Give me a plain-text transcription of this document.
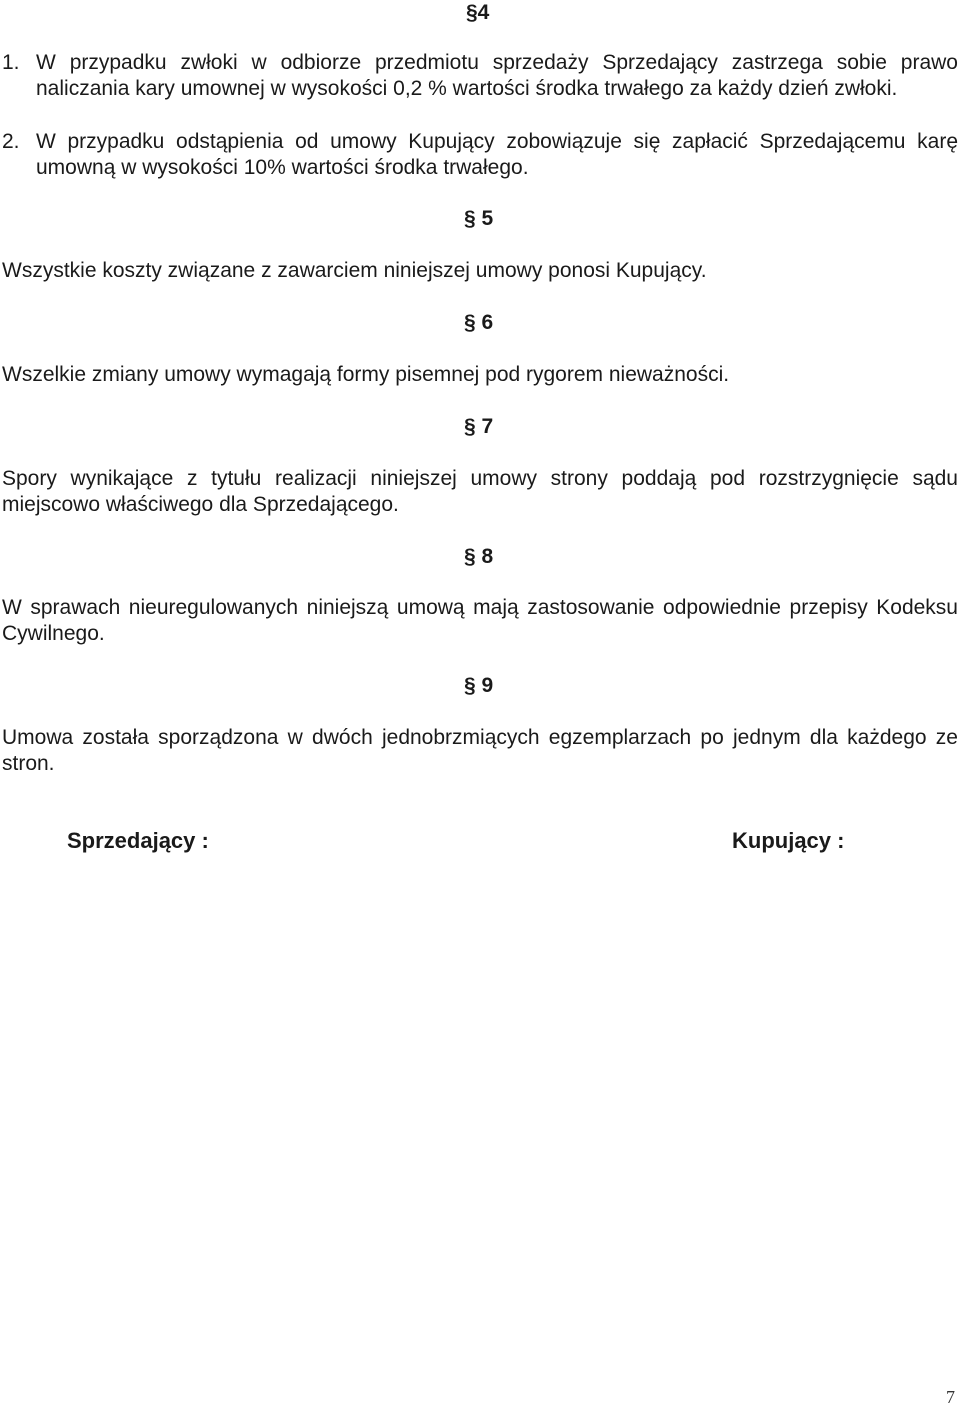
§4
1. W przypadku zwłoki w odbiorze przedmiotu sprzedaży Sprzedający zastrzega sobie prawo naliczania kary umownej w wysokości 0,2 % wartości środka trwałego za każdy dzień zwłoki.
2. W przypadku odstąpienia od umowy Kupujący zobowiązuje się zapłacić Sprzedającemu karę umowną w wysokości 10% wartości środka trwałego.
§ 5
Wszystkie koszty związane z zawarciem niniejszej umowy ponosi Kupujący.
§ 6
Wszelkie zmiany umowy wymagają formy pisemnej pod rygorem nieważności.
§ 7
Spory wynikające z tytułu realizacji niniejszej umowy strony poddają pod rozstrzygnięcie sądu miejscowo właściwego dla Sprzedającego.
§ 8
W sprawach nieuregulowanych niniejszą umową mają zastosowanie odpowiednie przepisy Kodeksu Cywilnego.
§ 9
Umowa została sporządzona w dwóch jednobrzmiących egzemplarzach po jednym dla każdego ze stron.
Sprzedający :	Kupujący :
7
